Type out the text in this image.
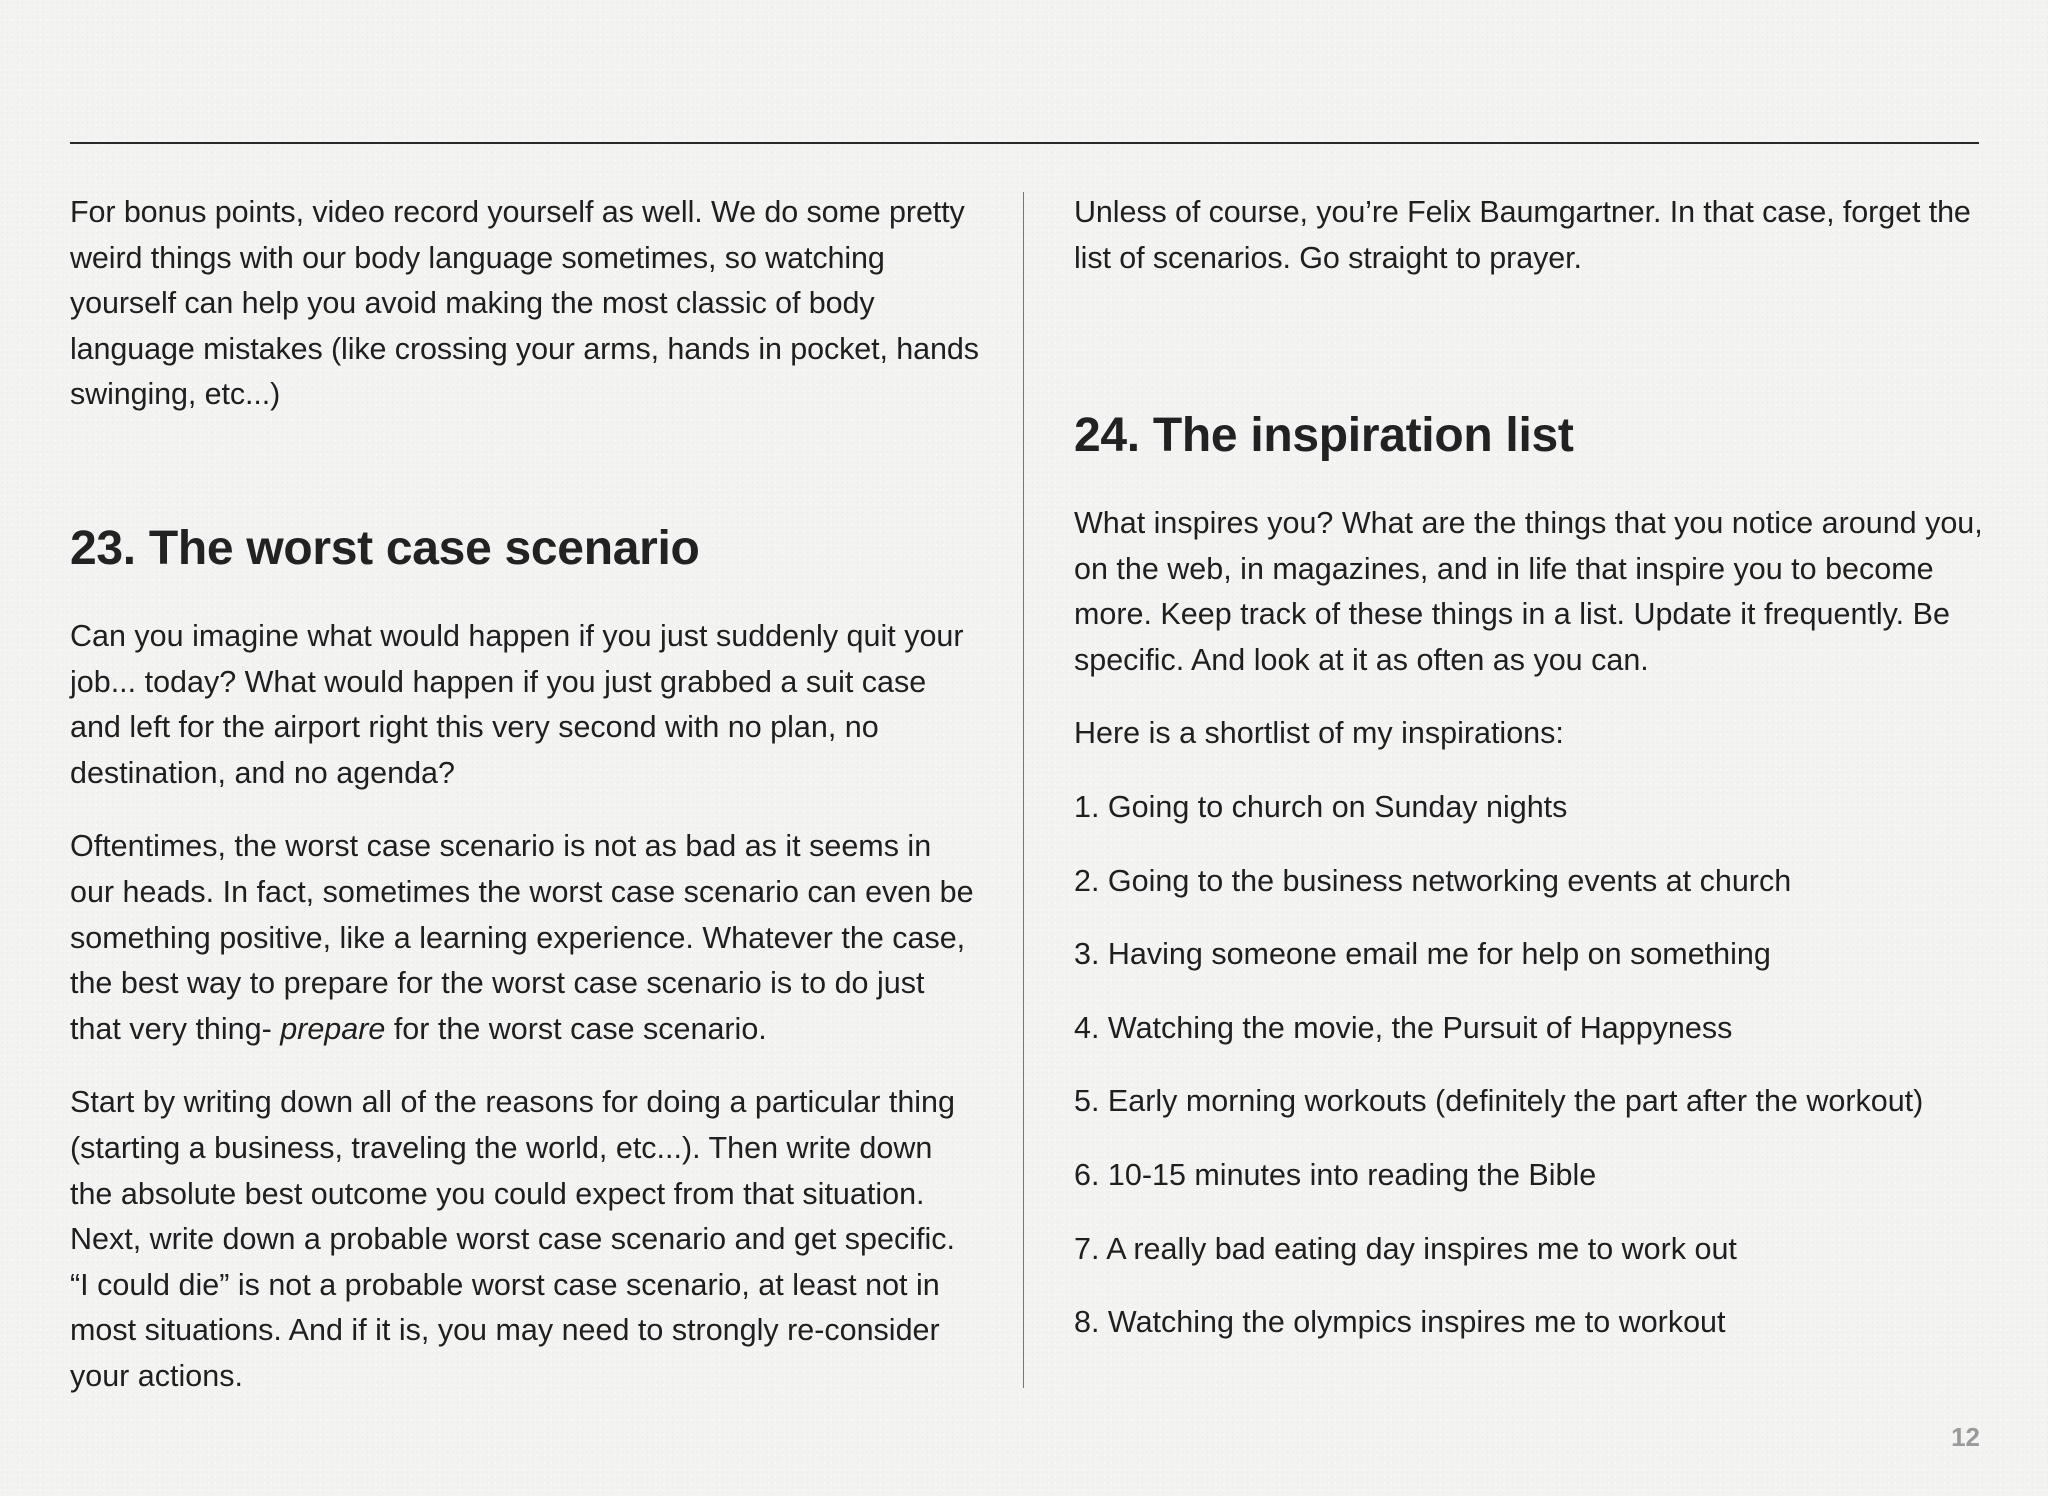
For bonus points, video record yourself as well. We do some pretty weird things with our body language sometimes, so watching yourself can help you avoid making the most classic of body language mistakes (like crossing your arms, hands in pocket, hands swinging, etc...)

23. The worst case scenario

Can you imagine what would happen if you just suddenly quit your job... today? What would happen if you just grabbed a suit case and left for the airport right this very second with no plan, no destination, and no agenda?

Oftentimes, the worst case scenario is not as bad as it seems in our heads. In fact, sometimes the worst case scenario can even be something positive, like a learning experience. Whatever the case, the best way to prepare for the worst case scenario is to do just that very thing- prepare for the worst case scenario.

Start by writing down all of the reasons for doing a particular thing (starting a business, traveling the world, etc...). Then write down the absolute best outcome you could expect from that situation. Next, write down a probable worst case scenario and get specific. “I could die” is not a probable worst case scenario, at least not in most situations. And if it is, you may need to strongly re-consider your actions.

Unless of course, you’re Felix Baumgartner. In that case, forget the list of scenarios. Go straight to prayer.

24. The inspiration list

What inspires you? What are the things that you notice around you, on the web, in magazines, and in life that inspire you to become more. Keep track of these things in a list. Update it frequently. Be specific. And look at it as often as you can.

Here is a shortlist of my inspirations:

1. Going to church on Sunday nights
2. Going to the business networking events at church
3. Having someone email me for help on something
4. Watching the movie, the Pursuit of Happyness
5. Early morning workouts (definitely the part after the workout)
6. 10-15 minutes into reading the Bible
7. A really bad eating day inspires me to work out
8. Watching the olympics inspires me to workout
12
